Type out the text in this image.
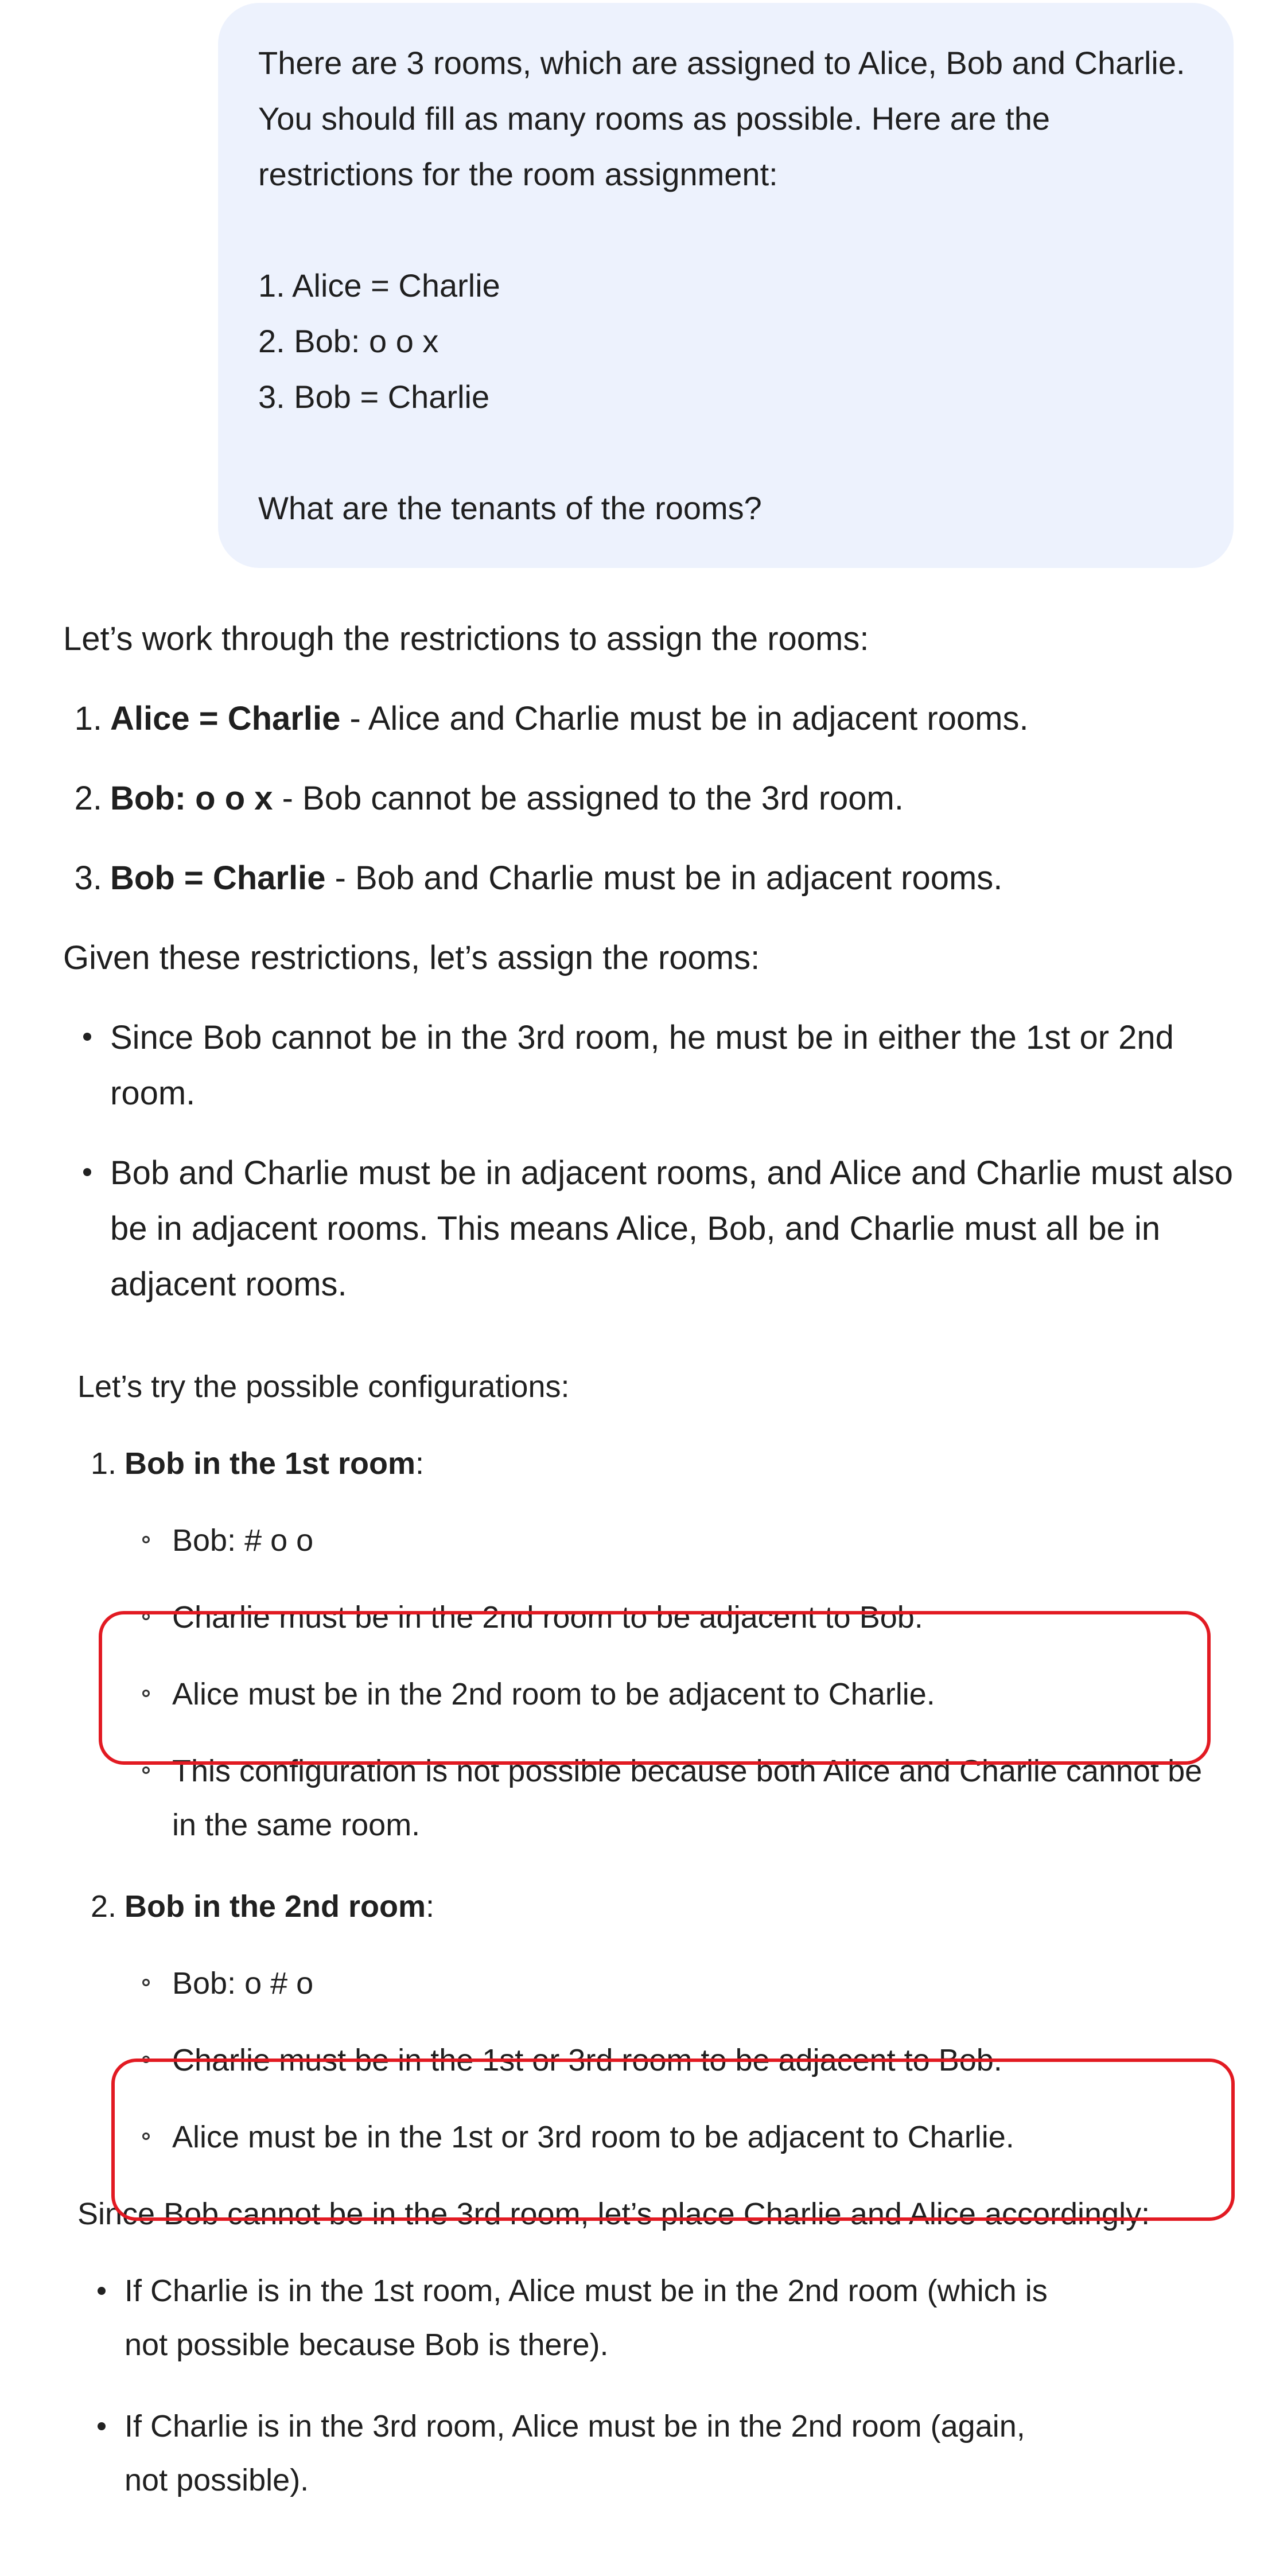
There are 3 rooms, which are assigned to Alice, Bob and Charlie.

You should fill as many rooms as possible. Here are the

restrictions for the room assignment:

1. Alice = Charlie

2. Bob: o o x

3. Bob = Charlie

What are the tenants of the rooms?

Let’s work through the restrictions to assign the rooms:

1. Alice = Charlie - Alice and Charlie must be in adjacent rooms.
2. Bob: o o x - Bob cannot be assigned to the 3rd room.
3. Bob = Charlie - Bob and Charlie must be in adjacent rooms.

Given these restrictions, let’s assign the rooms:

Since Bob cannot be in the 3rd room, he must be in either the 1st or 2nd room.
Bob and Charlie must be in adjacent rooms, and Alice and Charlie must also be in adjacent rooms. This means Alice, Bob, and Charlie must all be in adjacent rooms.
Let’s try the possible configurations:
1. Bob in the 1st room:
Bob: # o o
Charlie must be in the 2nd room to be adjacent to Bob.
Alice must be in the 2nd room to be adjacent to Charlie.
This configuration is not possible because both Alice and Charlie cannot be in the same room.
2. Bob in the 2nd room:
Bob: o # o
Charlie must be in the 1st or 3rd room to be adjacent to Bob.
Alice must be in the 1st or 3rd room to be adjacent to Charlie.
Since Bob cannot be in the 3rd room, let’s place Charlie and Alice accordingly:
If Charlie is in the 1st room, Alice must be in the 2nd room (which is not possible because Bob is there).
If Charlie is in the 3rd room, Alice must be in the 2nd room (again, not possible).
